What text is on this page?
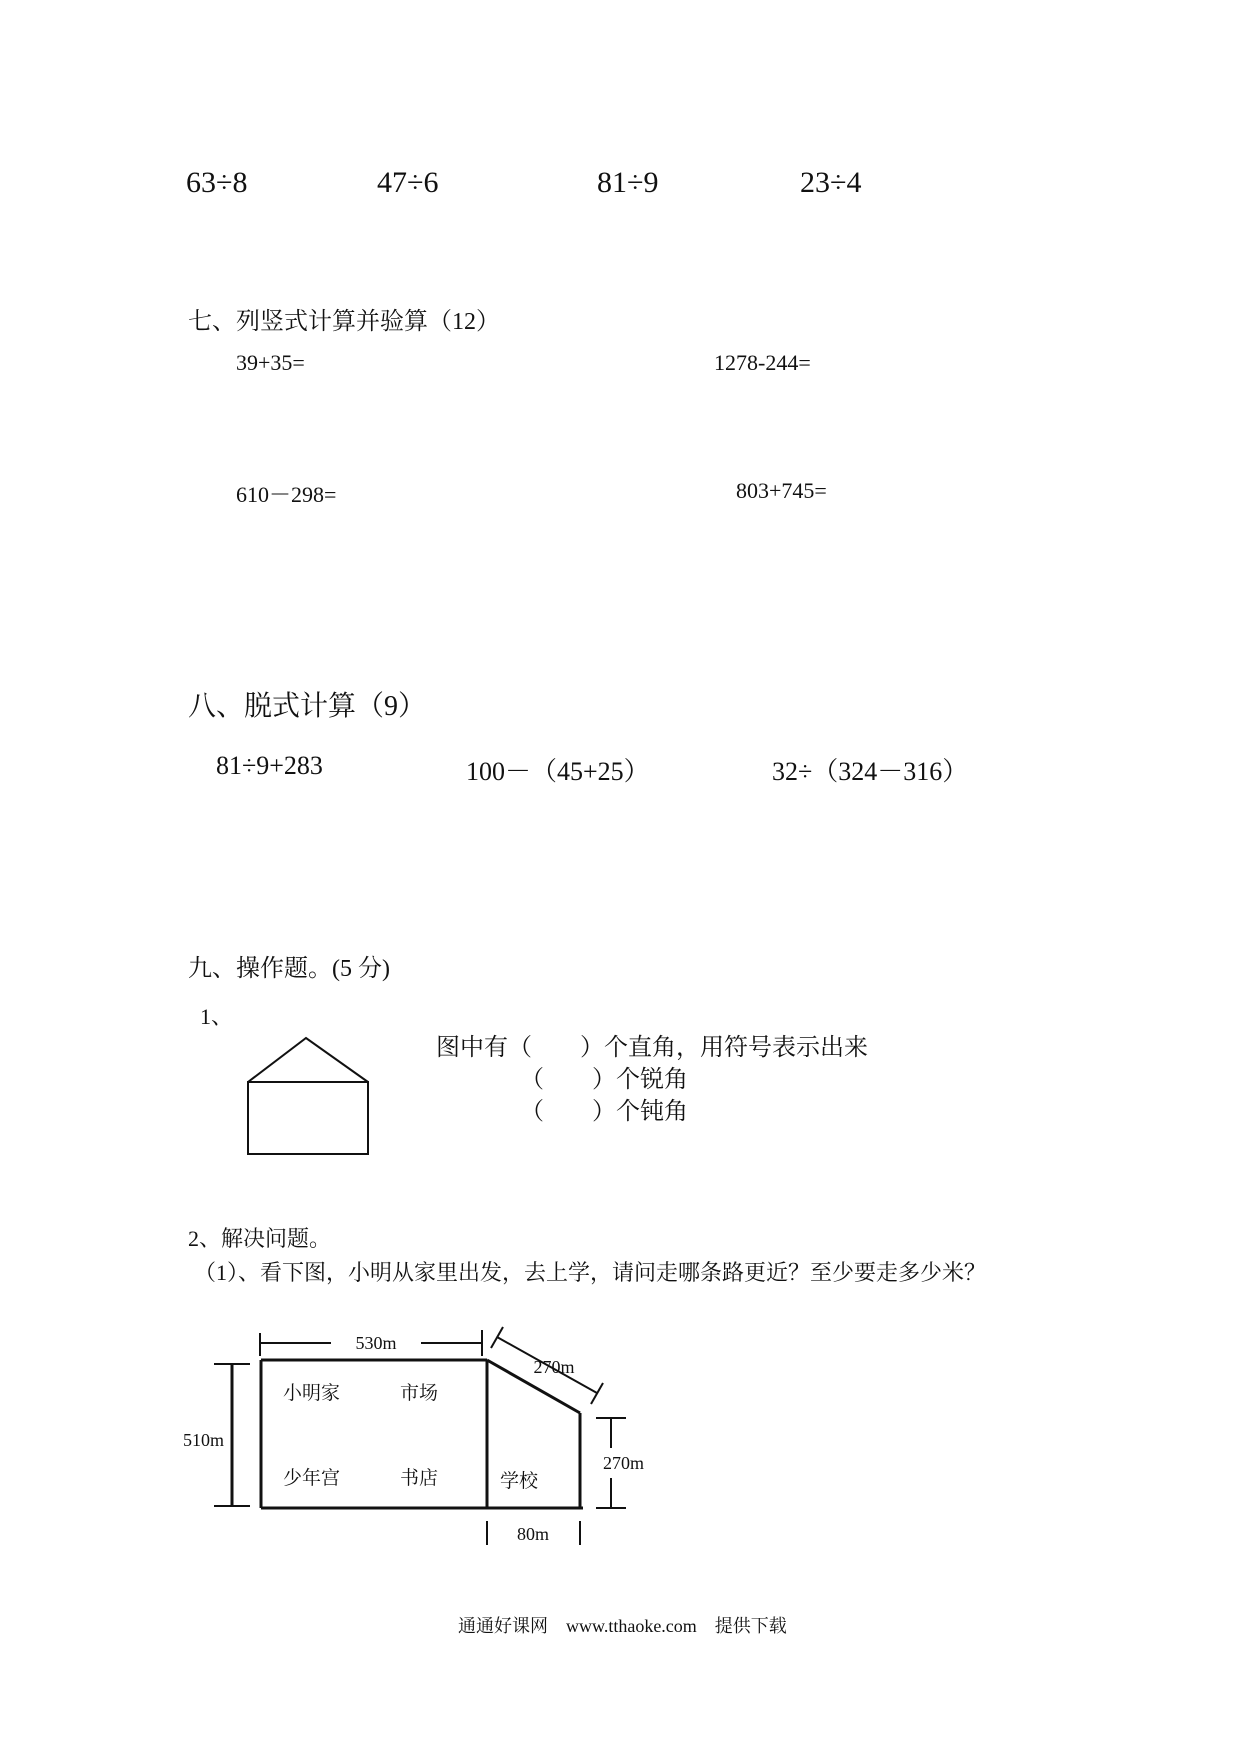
63÷8	47÷6	81÷9	23÷4
七、列竖式计算并验算（12）
39+35=	1278-244=
610－298=	803+745=
八、脱式计算（9）
81÷9+283	100－（45+25）	32÷（324－316）
九、操作题。(5 分)
1、
图中有（　　）个直角，用符号表示出来
（　　）个锐角
（　　）个钝角
2、解决问题。
（1）、看下图，小明从家里出发，去上学，请问走哪条路更近？至少要走多少米？
小明家	市场
少年宫	书店	学校
530m
270m
510m
270m
80m
通通好课网　www.tthaoke.com　提供下载
